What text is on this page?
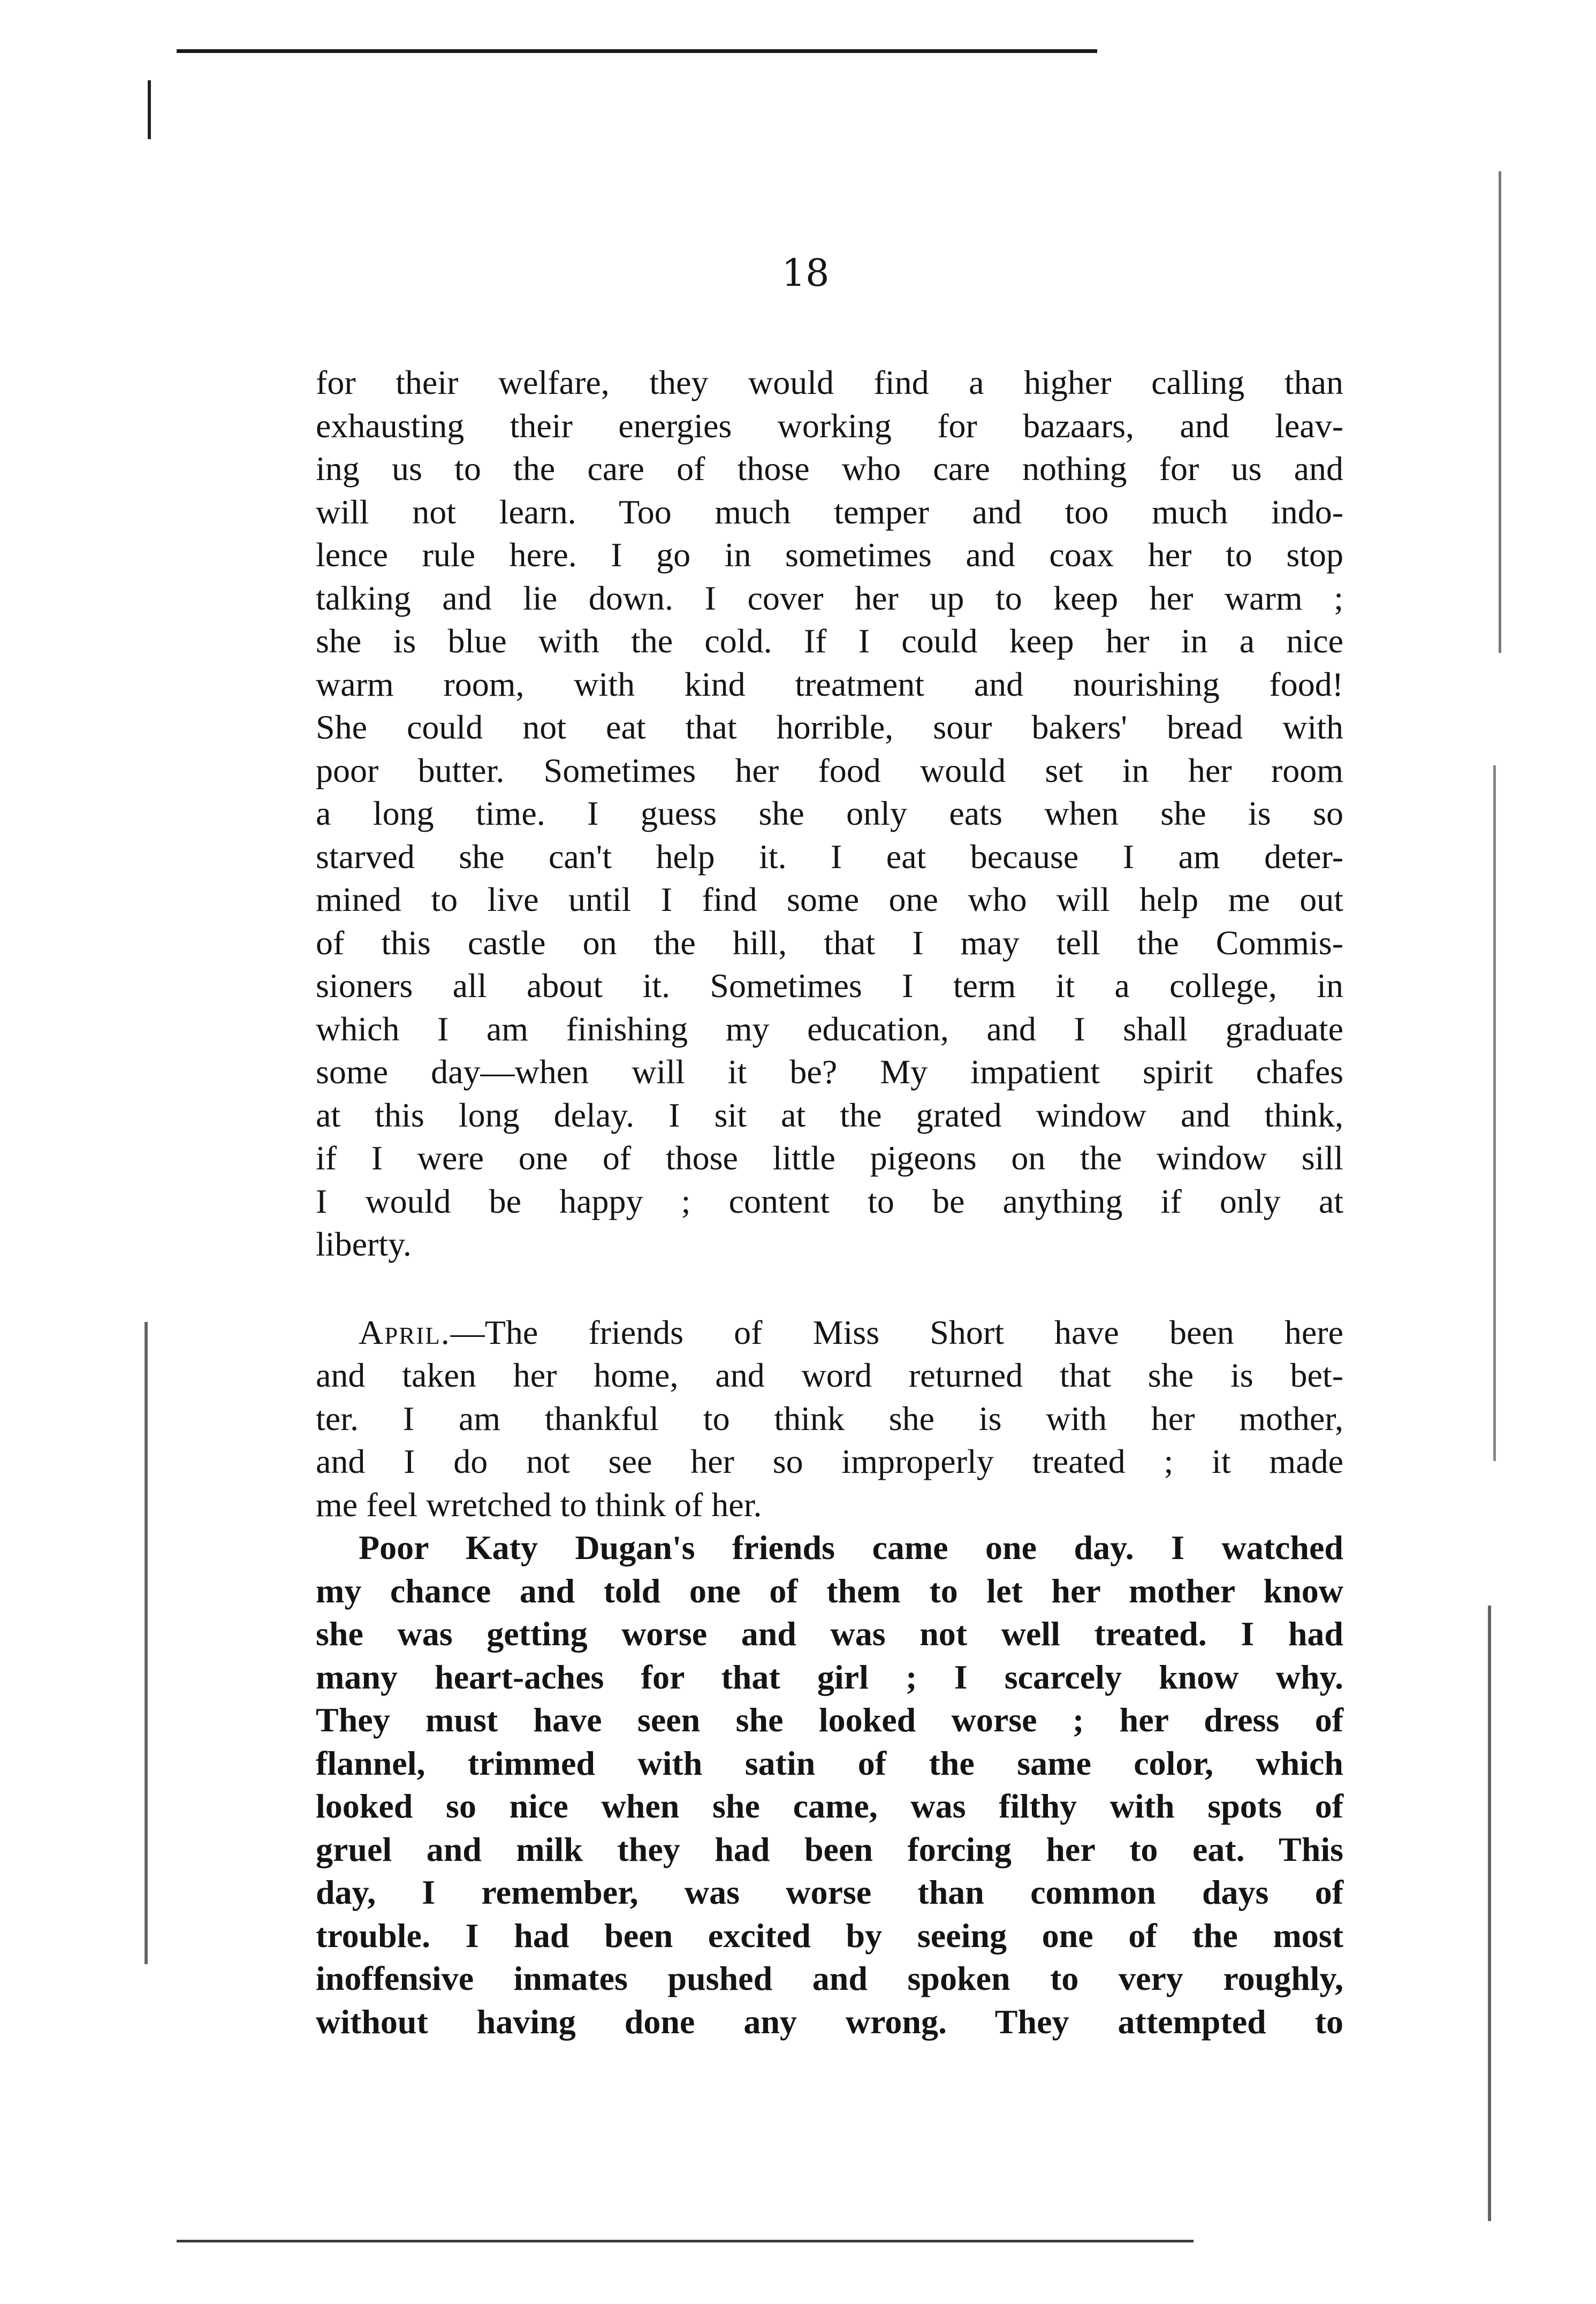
18

for their welfare, they would find a higher calling than
exhausting their energies working for bazaars, and leav-
ing us to the care of those who care nothing for us and
will not learn. Too much temper and too much indo-
lence rule here. I go in sometimes and coax her to stop
talking and lie down. I cover her up to keep her warm ;
she is blue with the cold. If I could keep her in a nice
warm room, with kind treatment and nourishing food!
She could not eat that horrible, sour bakers' bread with
poor butter. Sometimes her food would set in her room
a long time. I guess she only eats when she is so
starved she can't help it. I eat because I am deter-
mined to live until I find some one who will help me out
of this castle on the hill, that I may tell the Commis-
sioners all about it. Sometimes I term it a college, in
which I am finishing my education, and I shall graduate
some day—when will it be? My impatient spirit chafes
at this long delay. I sit at the grated window and think,
if I were one of those little pigeons on the window sill
I would be happy ; content to be anything if only at
liberty.

April.—The friends of Miss Short have been here
and taken her home, and word returned that she is bet-
ter. I am thankful to think she is with her mother,
and I do not see her so improperly treated ; it made
me feel wretched to think of her.

Poor Katy Dugan's friends came one day. I watched
my chance and told one of them to let her mother know
she was getting worse and was not well treated. I had
many heart-aches for that girl ; I scarcely know why.
They must have seen she looked worse ; her dress of
flannel, trimmed with satin of the same color, which
looked so nice when she came, was filthy with spots of
gruel and milk they had been forcing her to eat. This
day, I remember, was worse than common days of
trouble. I had been excited by seeing one of the most
inoffensive inmates pushed and spoken to very roughly,
without having done any wrong. They attempted to
